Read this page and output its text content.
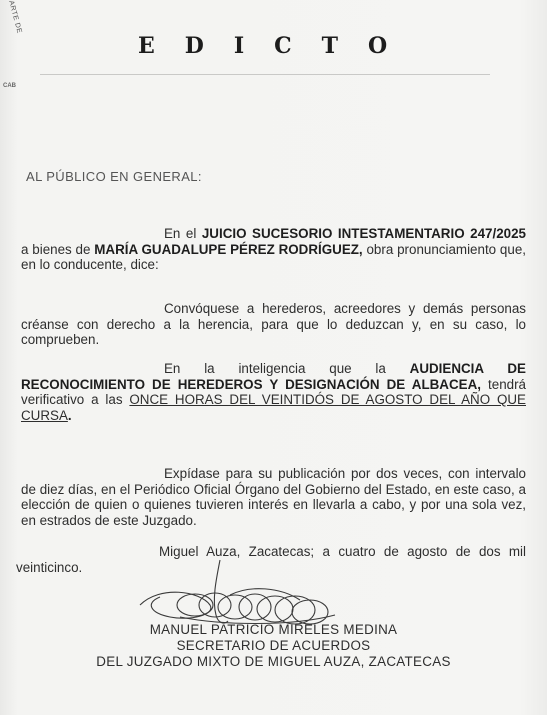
ARTE DE
CAB
EDICTO
AL PÚBLICO EN GENERAL:
En el JUICIO SUCESORIO INTESTAMENTARIO 247/2025 a bienes de MARÍA GUADALUPE PÉREZ RODRÍGUEZ, obra pronunciamiento que, en lo conducente, dice:
Convóquese a herederos, acreedores y demás personas créanse con derecho a la herencia, para que lo deduzcan y, en su caso, lo comprueben.
En la inteligencia que la AUDIENCIA DE RECONOCIMIENTO DE HEREDEROS Y DESIGNACIÓN DE ALBACEA, tendrá verificativo a las ONCE HORAS DEL VEINTIDÓS DE AGOSTO DEL AÑO QUE CURSA.
Expídase para su publicación por dos veces, con intervalo de diez días, en el Periódico Oficial Órgano del Gobierno del Estado, en este caso, a elección de quien o quienes tuvieren interés en llevarla a cabo, y por una sola vez, en estrados de este Juzgado.
Miguel Auza, Zacatecas; a cuatro de agosto de dos mil veinticinco.
MANUEL PATRICIO MIRELES MEDINA
SECRETARIO DE ACUERDOS
DEL JUZGADO MIXTO DE MIGUEL AUZA, ZACATECAS
